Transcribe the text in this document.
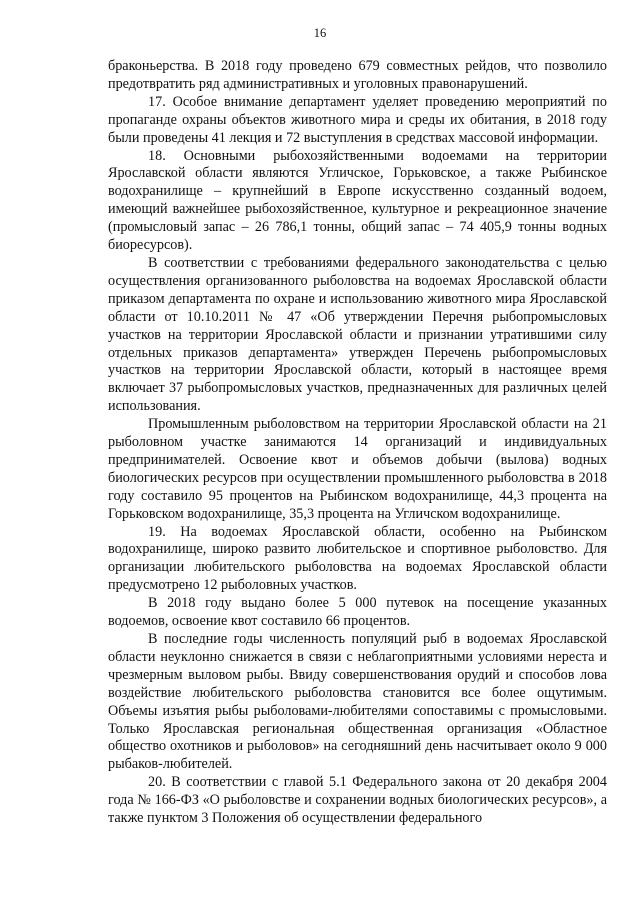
16

браконьерства. В 2018 году проведено 679 совместных рейдов, что позволило предотвратить ряд административных и уголовных правонарушений.

17. Особое внимание департамент уделяет проведению мероприятий по пропаганде охраны объектов животного мира и среды их обитания, в 2018 году были проведены 41 лекция и 72 выступления в средствах массовой информации.

18. Основными рыбохозяйственными водоемами на территории Ярославской области являются Угличское, Горьковское, а также Рыбинское водохранилище – крупнейший в Европе искусственно созданный водоем, имеющий важнейшее рыбохозяйственное, культурное и рекреационное значение (промысловый запас – 26 786,1 тонны, общий запас – 74 405,9 тонны водных биоресурсов).

В соответствии с требованиями федерального законодательства с целью осуществления организованного рыболовства на водоемах Ярославской области приказом департамента по охране и использованию животного мира Ярославской области от 10.10.2011 № 47 «Об утверждении Перечня рыбопромысловых участков на территории Ярославской области и признании утратившими силу отдельных приказов департамента» утвержден Перечень рыбопромысловых участков на территории Ярославской области, который в настоящее время включает 37 рыбопромысловых участков, предназначенных для различных целей использования.

Промышленным рыболовством на территории Ярославской области на 21 рыболовном участке занимаются 14 организаций и индивидуальных предпринимателей. Освоение квот и объемов добычи (вылова) водных биологических ресурсов при осуществлении промышленного рыболовства в 2018 году составило 95 процентов на Рыбинском водохранилище, 44,3 процента на Горьковском водохранилище, 35,3 процента на Угличском водохранилище.

19. На водоемах Ярославской области, особенно на Рыбинском водохранилище, широко развито любительское и спортивное рыболовство. Для организации любительского рыболовства на водоемах Ярославской области предусмотрено 12 рыболовных участков.

В 2018 году выдано более 5 000 путевок на посещение указанных водоемов, освоение квот составило 66 процентов.

В последние годы численность популяций рыб в водоемах Ярославской области неуклонно снижается в связи с неблагоприятными условиями нереста и чрезмерным выловом рыбы. Ввиду совершенствования орудий и способов лова воздействие любительского рыболовства становится все более ощутимым. Объемы изъятия рыбы рыболовами-любителями сопоставимы с промысловыми. Только Ярославская региональная общественная организация «Областное общество охотников и рыболовов» на сегодняшний день насчитывает около 9 000 рыбаков-любителей.

20. В соответствии с главой 5.1 Федерального закона от 20 декабря 2004 года № 166-ФЗ «О рыболовстве и сохранении водных биологических ресурсов», а также пунктом 3 Положения об осуществлении федерального
